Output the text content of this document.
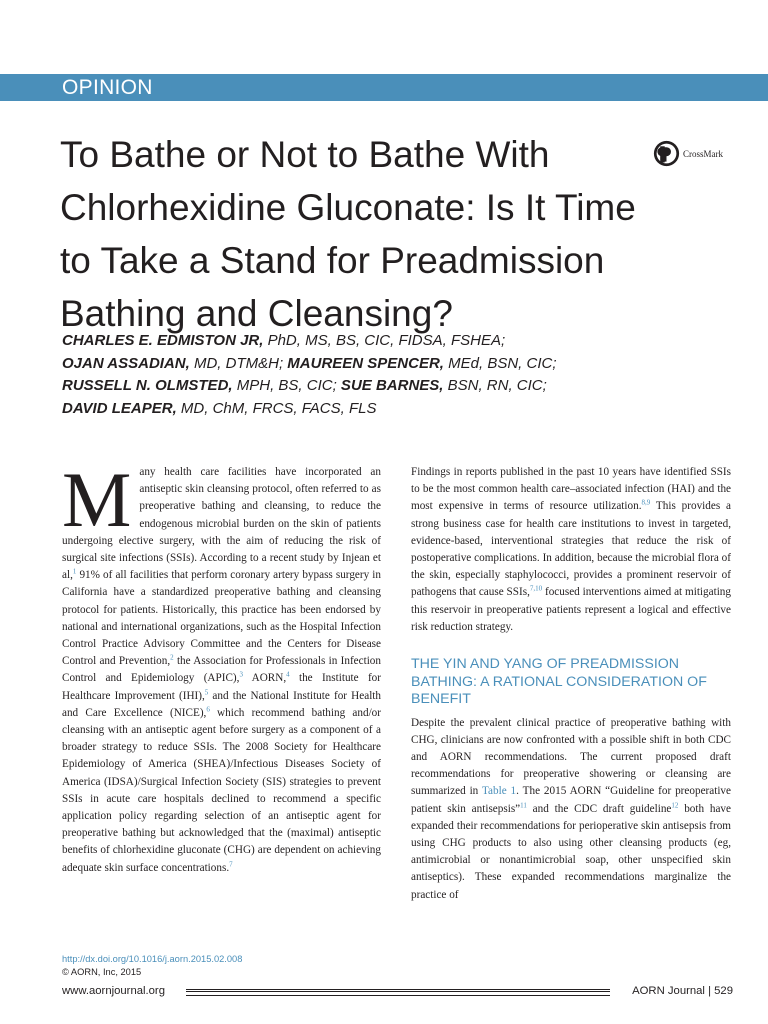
OPINION
To Bathe or Not to Bathe With
Chlorhexidine Gluconate: Is It Time
to Take a Stand for Preadmission
Bathing and Cleansing?
CrossMark
CHARLES E. EDMISTON JR, PhD, MS, BS, CIC, FIDSA, FSHEA;
OJAN ASSADIAN, MD, DTM&H; MAUREEN SPENCER, MEd, BSN, CIC;
RUSSELL N. OLMSTED, MPH, BS, CIC; SUE BARNES, BSN, RN, CIC;
DAVID LEAPER, MD, ChM, FRCS, FACS, FLS

Many health care facilities have incorporated an antiseptic skin cleansing protocol, often referred to as preoperative bathing and cleansing, to reduce the endogenous microbial burden on the skin of patients undergoing elective surgery, with the aim of reducing the risk of surgical site infections (SSIs). According to a recent study by Injean et al,$^1$ 91% of all facilities that perform coronary artery bypass surgery in California have a standardized preoperative bathing and cleansing protocol for patients. Historically, this practice has been endorsed by national and international organizations, such as the Hospital Infection Control Practice Advisory Committee and the Centers for Disease Control and Prevention,$^2$ the Association for Professionals in Infection Control and Epidemiology (APIC),$^3$ AORN,$^4$ the Institute for Healthcare Improvement (IHI),$^5$ and the National Institute for Health and Care Excellence (NICE),$^6$ which recommend bathing and/or cleansing with an antiseptic agent before surgery as a component of a broader strategy to reduce SSIs. The 2008 Society for Healthcare Epidemiology of America (SHEA)/Infectious Diseases Society of America (IDSA)/Surgical Infection Society (SIS) strategies to prevent SSIs in acute care hospitals declined to recommend a specific application policy regarding selection of an antiseptic agent for preoperative bathing but acknowledged that the (maximal) antiseptic benefits of chlorhexidine gluconate (CHG) are dependent on achieving adequate skin surface concentrations.$^7$

Findings in reports published in the past 10 years have identified SSIs to be the most common health care–associated infection (HAI) and the most expensive in terms of resource utilization.$^{8,9}$ This provides a strong business case for health care institutions to invest in targeted, evidence-based, interventional strategies that reduce the risk of postoperative complications. In addition, because the microbial flora of the skin, especially staphylococci, provides a prominent reservoir of pathogens that cause SSIs,$^{7,10}$ focused interventions aimed at mitigating this reservoir in preoperative patients represent a logical and effective risk reduction strategy.

THE YIN AND YANG OF PREADMISSION BATHING: A RATIONAL CONSIDERATION OF BENEFIT

Despite the prevalent clinical practice of preoperative bathing with CHG, clinicians are now confronted with a possible shift in both CDC and AORN recommendations. The current proposed draft recommendations for preoperative showering or cleansing are summarized in Table 1. The 2015 AORN “Guideline for preoperative patient skin antisepsis”$^{11}$ and the CDC draft guideline$^{12}$ both have expanded their recommendations for perioperative skin antisepsis from using CHG products to also using other cleansing products (eg, antimicrobial or nonantimicrobial soap, other unspecified skin antiseptics). These expanded recommendations marginalize the practice of

http://dx.doi.org/10.1016/j.aorn.2015.02.008
© AORN, Inc, 2015
www.aornjournal.org	AORN Journal | 529
